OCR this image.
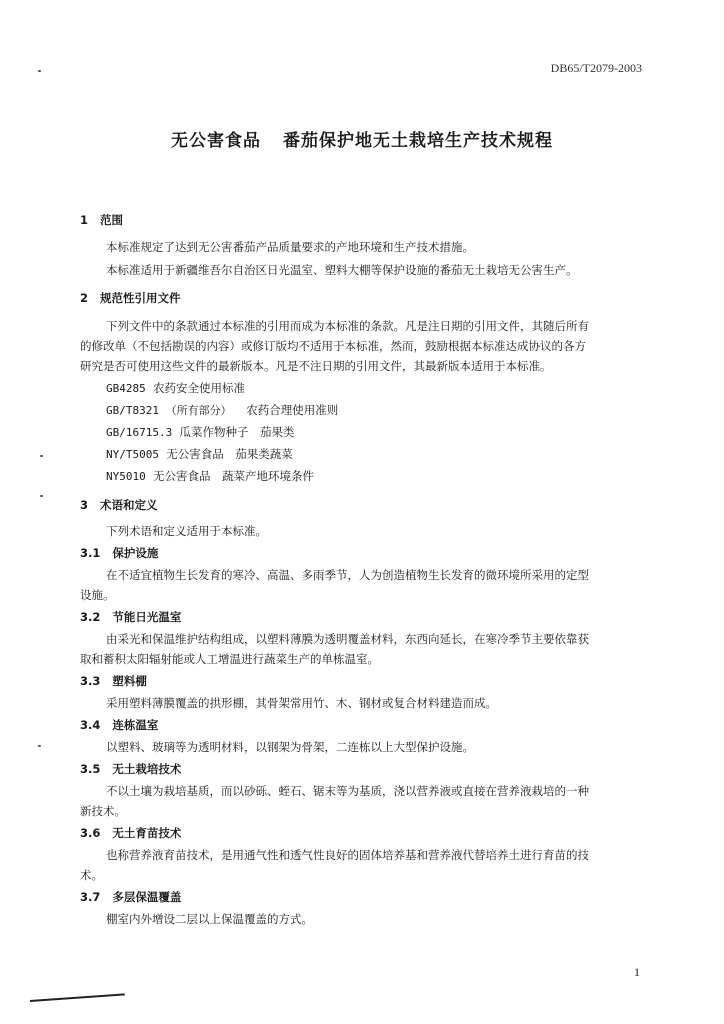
DB65/T2079-2003
无公害食品 番茄保护地无土栽培生产技术规程
1 范围
本标准规定了达到无公害番茄产品质量要求的产地环境和生产技术措施。
本标准适用于新疆维吾尔自治区日光温室、塑料大棚等保护设施的番茄无土栽培无公害生产。
2 规范性引用文件
下列文件中的条款通过本标准的引用而成为本标准的条款。凡是注日期的引用文件，其随后所有
的修改单（不包括勘误的内容）或修订版均不适用于本标准，然而，鼓励根据本标准达成协议的各方
研究是否可使用这些文件的最新版本。凡是不注日期的引用文件，其最新版本适用于本标准。
GB4285 农药安全使用标准
GB/T8321 （所有部分） 农药合理使用准则
GB/16715.3 瓜菜作物种子　茄果类
NY/T5005 无公害食品　茄果类蔬菜
NY5010 无公害食品　蔬菜产地环境条件
3 术语和定义
下列术语和定义适用于本标准。
3.1 保护设施
在不适宜植物生长发育的寒冷、高温、多雨季节，人为创造植物生长发育的微环境所采用的定型
设施。
3.2 节能日光温室
由采光和保温维护结构组成，以塑料薄膜为透明覆盖材料，东西向延长，在寒冷季节主要依靠获
取和蓄积太阳辐射能或人工增温进行蔬菜生产的单栋温室。
3.3 塑料棚
采用塑料薄膜覆盖的拱形棚，其骨架常用竹、木、钢材或复合材料建造而成。
3.4 连栋温室
以塑料、玻璃等为透明材料，以钢架为骨架，二连栋以上大型保护设施。
3.5 无土栽培技术
不以土壤为栽培基质，而以砂砾、蛭石、锯末等为基质，浇以营养液或直接在营养液栽培的一种
新技术。
3.6 无土育苗技术
也称营养液育苗技术，是用通气性和透气性良好的固体培养基和营养液代替培养土进行育苗的技
术。
3.7 多层保温覆盖
棚室内外增设二层以上保温覆盖的方式。
1
